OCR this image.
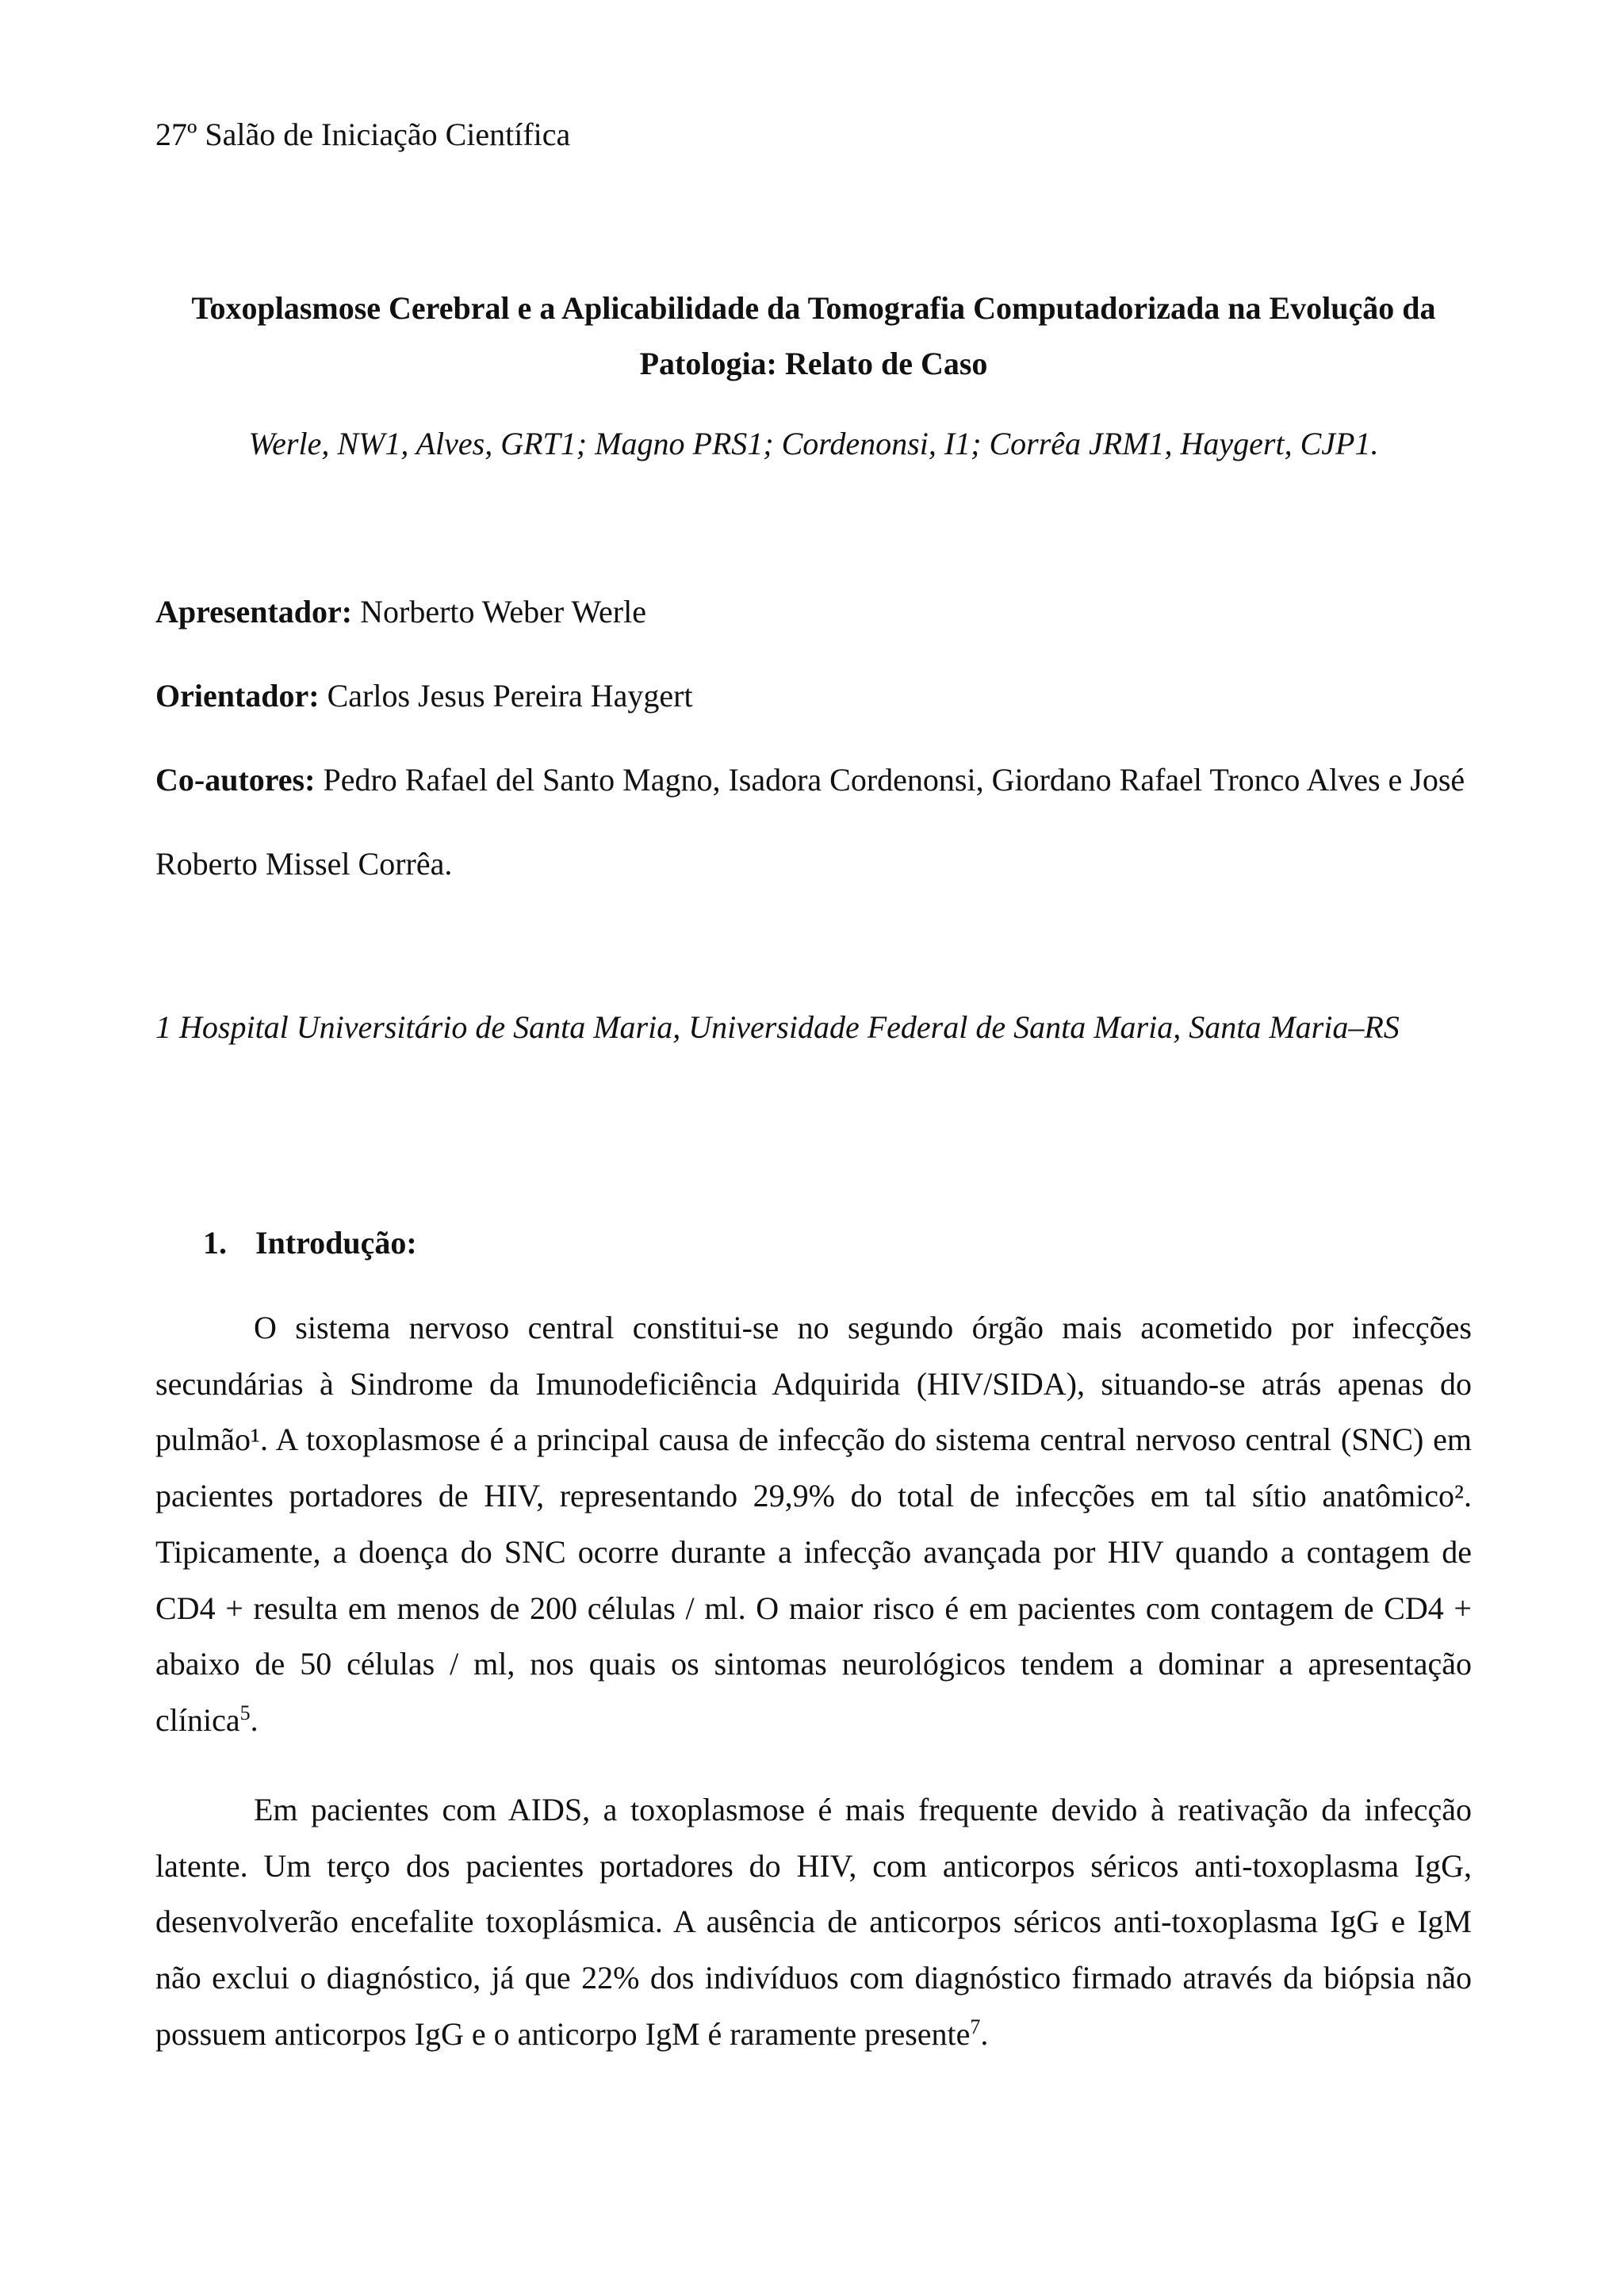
27º Salão de Iniciação Científica
Toxoplasmose Cerebral e a Aplicabilidade da Tomografia Computadorizada na Evolução da Patologia: Relato de Caso
Werle, NW1, Alves, GRT1; Magno PRS1; Cordenonsi, I1; Corrêa JRM1, Haygert, CJP1.
Apresentador: Norberto Weber Werle
Orientador: Carlos Jesus Pereira Haygert
Co-autores: Pedro Rafael del Santo Magno, Isadora Cordenonsi, Giordano Rafael Tronco Alves e José Roberto Missel Corrêa.
1 Hospital Universitário de Santa Maria, Universidade Federal de Santa Maria, Santa Maria–RS
1. Introdução:

O sistema nervoso central constitui-se no segundo órgão mais acometido por infecções secundárias à Sindrome da Imunodeficiência Adquirida (HIV/SIDA), situando-se atrás apenas do pulmão¹. A toxoplasmose é a principal causa de infecção do sistema central nervoso central (SNC) em pacientes portadores de HIV, representando 29,9% do total de infecções em tal sítio anatômico². Tipicamente, a doença do SNC ocorre durante a infecção avançada por HIV quando a contagem de CD4 + resulta em menos de 200 células / ml. O maior risco é em pacientes com contagem de CD4 + abaixo de 50 células / ml, nos quais os sintomas neurológicos tendem a dominar a apresentação clínica$^5$.

Em pacientes com AIDS, a toxoplasmose é mais frequente devido à reativação da infecção latente. Um terço dos pacientes portadores do HIV, com anticorpos séricos anti-toxoplasma IgG, desenvolverão encefalite toxoplásmica. A ausência de anticorpos séricos anti-toxoplasma IgG e IgM não exclui o diagnóstico, já que 22% dos indivíduos com diagnóstico firmado através da biópsia não possuem anticorpos IgG e o anticorpo IgM é raramente presente$^7$.
